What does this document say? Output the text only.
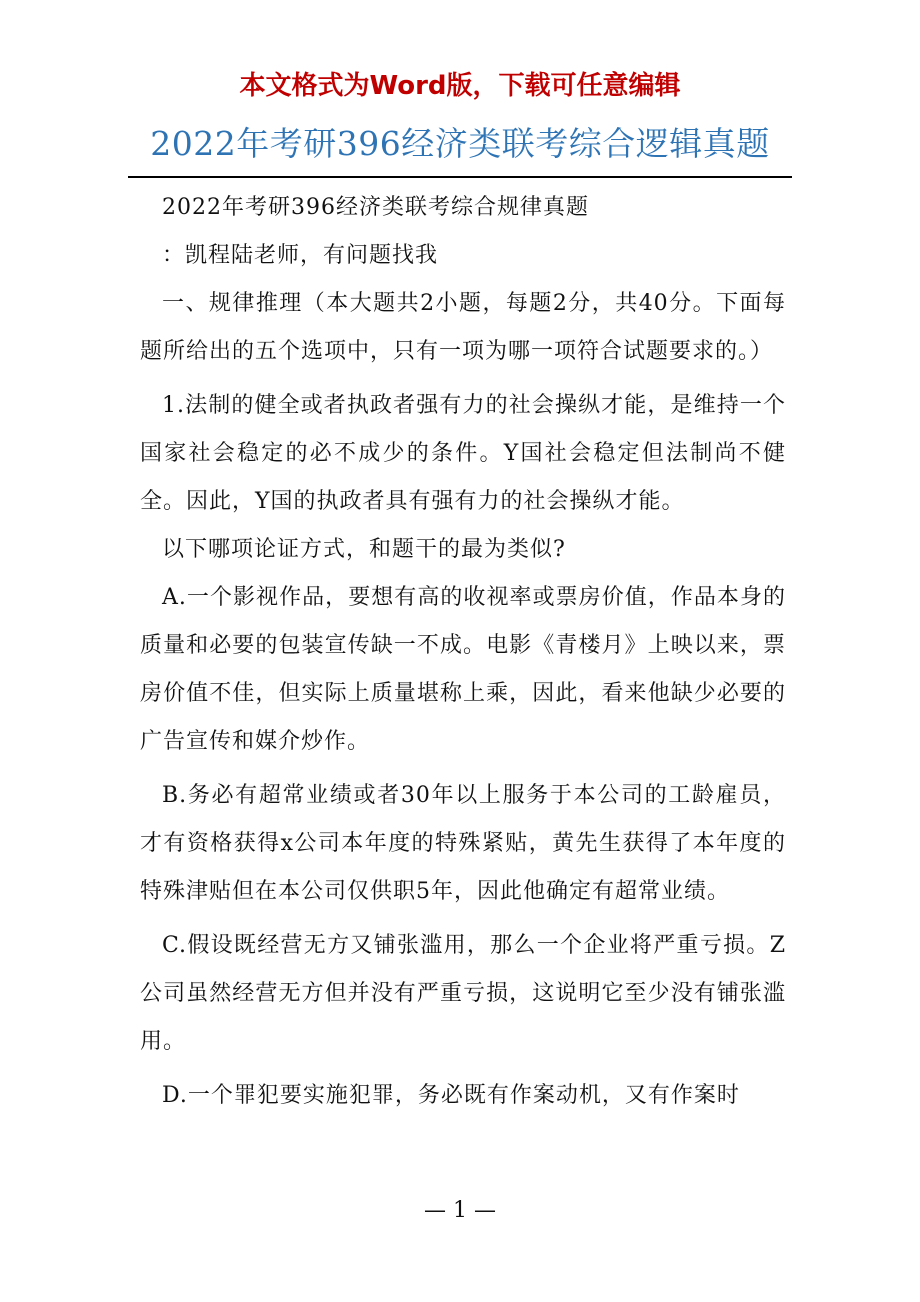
本文格式为Word版，下载可任意编辑
2022年考研396经济类联考综合逻辑真题

2022年考研396经济类联考综合规律真题

：凯程陆老师，有问题找我

一、规律推理（本大题共2小题，每题2分，共40分。下面每题所给出的五个选项中，只有一项为哪一项符合试题要求的。）

1.法制的健全或者执政者强有力的社会操纵才能，是维持一个国家社会稳定的必不成少的条件。Y国社会稳定但法制尚不健全。因此，Y国的执政者具有强有力的社会操纵才能。

以下哪项论证方式，和题干的最为类似?

A.一个影视作品，要想有高的收视率或票房价值，作品本身的质量和必要的包装宣传缺一不成。电影《青楼月》上映以来，票房价值不佳，但实际上质量堪称上乘，因此，看来他缺少必要的广告宣传和媒介炒作。

B.务必有超常业绩或者30年以上服务于本公司的工龄雇员，才有资格获得x公司本年度的特殊紧贴，黄先生获得了本年度的特殊津贴但在本公司仅供职5年，因此他确定有超常业绩。

C.假设既经营无方又铺张滥用，那么一个企业将严重亏损。Z公司虽然经营无方但并没有严重亏损，这说明它至少没有铺张滥用。

D.一个罪犯要实施犯罪，务必既有作案动机，又有作案时

— 1 —
